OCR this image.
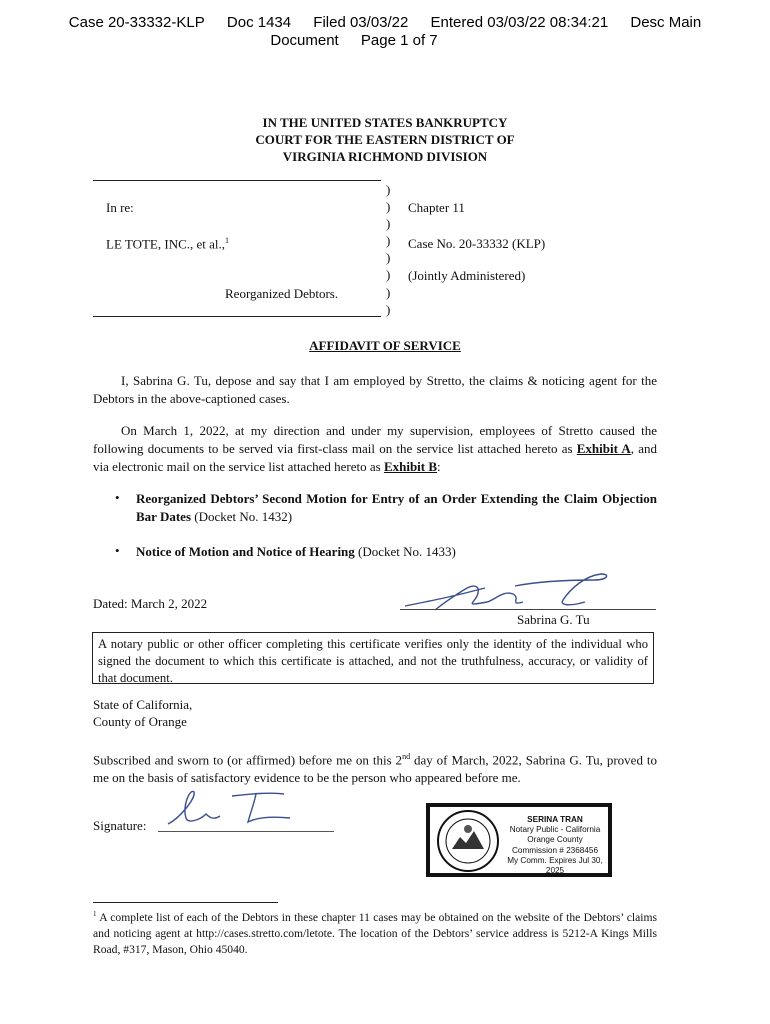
Case 20-33332-KLP Doc 1434 Filed 03/03/22 Entered 03/03/22 08:34:21 Desc Main
Document Page 1 of 7
IN THE UNITED STATES BANKRUPTCY
COURT FOR THE EASTERN DISTRICT OF
VIRGINIA RICHMOND DIVISION
In re:
LE TOTE, INC., et al.,$^1$
Reorganized Debtors.
)
)
)
)
)
)
)
)
Chapter 11
Case No. 20-33332 (KLP)
(Jointly Administered)
AFFIDAVIT OF SERVICE
I, Sabrina G. Tu, depose and say that I am employed by Stretto, the claims & noticing agent for the Debtors in the above-captioned cases.
On March 1, 2022, at my direction and under my supervision, employees of Stretto caused the following documents to be served via first-class mail on the service list attached hereto as Exhibit A, and via electronic mail on the service list attached hereto as Exhibit B:
• Reorganized Debtors’ Second Motion for Entry of an Order Extending the Claim Objection Bar Dates (Docket No. 1432)
• Notice of Motion and Notice of Hearing (Docket No. 1433)
Dated: March 2, 2022
Sabrina G. Tu
A notary public or other officer completing this certificate verifies only the identity of the individual who signed the document to which this certificate is attached, and not the truthfulness, accuracy, or validity of that document.
State of California,
County of Orange
Subscribed and sworn to (or affirmed) before me on this 2nd day of March, 2022, Sabrina G. Tu, proved to me on the basis of satisfactory evidence to be the person who appeared before me.
Signature:	SERINA TRAN
Notary Public - California
Orange County
Commission # 2368456
My Comm. Expires Jul 30, 2025
$^1$ A complete list of each of the Debtors in these chapter 11 cases may be obtained on the website of the Debtors’ claims and noticing agent at http://cases.stretto.com/letote. The location of the Debtors’ service address is 5212-A Kings Mills Road, #317, Mason, Ohio 45040.
